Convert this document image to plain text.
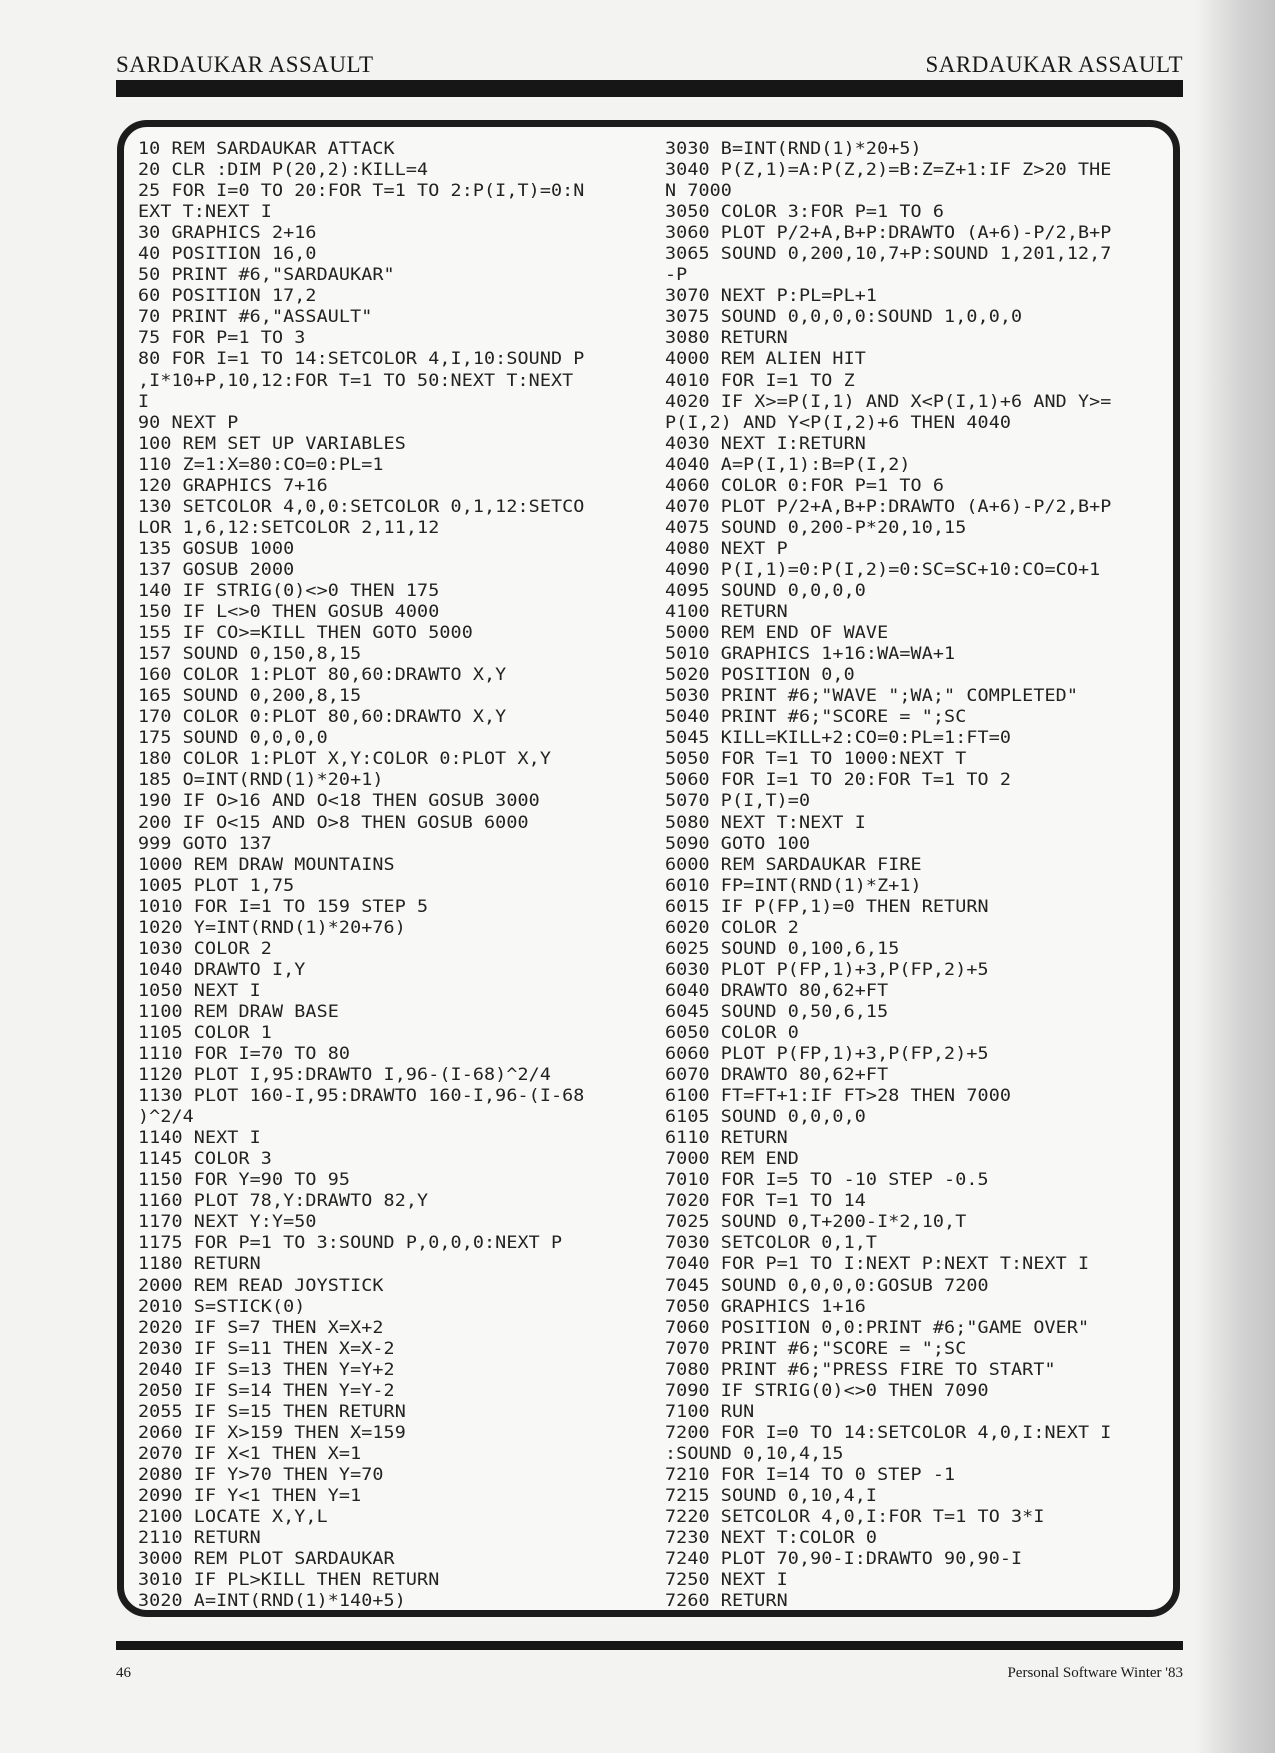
SARDAUKAR ASSAULT	SARDAUKAR ASSAULT
10 REM SARDAUKAR ATTACK
20 CLR :DIM P(20,2):KILL=4
25 FOR I=0 TO 20:FOR T=1 TO 2:P(I,T)=0:N
EXT T:NEXT I
30 GRAPHICS 2+16
40 POSITION 16,0
50 PRINT #6,"SARDAUKAR"
60 POSITION 17,2
70 PRINT #6,"ASSAULT"
75 FOR P=1 TO 3
80 FOR I=1 TO 14:SETCOLOR 4,I,10:SOUND P
,I*10+P,10,12:FOR T=1 TO 50:NEXT T:NEXT
I
90 NEXT P
100 REM SET UP VARIABLES
110 Z=1:X=80:CO=0:PL=1
120 GRAPHICS 7+16
130 SETCOLOR 4,0,0:SETCOLOR 0,1,12:SETCO
LOR 1,6,12:SETCOLOR 2,11,12
135 GOSUB 1000
137 GOSUB 2000
140 IF STRIG(0)<>0 THEN 175
150 IF L<>0 THEN GOSUB 4000
155 IF CO>=KILL THEN GOTO 5000
157 SOUND 0,150,8,15
160 COLOR 1:PLOT 80,60:DRAWTO X,Y
165 SOUND 0,200,8,15
170 COLOR 0:PLOT 80,60:DRAWTO X,Y
175 SOUND 0,0,0,0
180 COLOR 1:PLOT X,Y:COLOR 0:PLOT X,Y
185 O=INT(RND(1)*20+1)
190 IF O>16 AND O<18 THEN GOSUB 3000
200 IF O<15 AND O>8 THEN GOSUB 6000
999 GOTO 137
1000 REM DRAW MOUNTAINS
1005 PLOT 1,75
1010 FOR I=1 TO 159 STEP 5
1020 Y=INT(RND(1)*20+76)
1030 COLOR 2
1040 DRAWTO I,Y
1050 NEXT I
1100 REM DRAW BASE
1105 COLOR 1
1110 FOR I=70 TO 80
1120 PLOT I,95:DRAWTO I,96-(I-68)^2/4
1130 PLOT 160-I,95:DRAWTO 160-I,96-(I-68
)^2/4
1140 NEXT I
1145 COLOR 3
1150 FOR Y=90 TO 95
1160 PLOT 78,Y:DRAWTO 82,Y
1170 NEXT Y:Y=50
1175 FOR P=1 TO 3:SOUND P,0,0,0:NEXT P
1180 RETURN
2000 REM READ JOYSTICK
2010 S=STICK(0)
2020 IF S=7 THEN X=X+2
2030 IF S=11 THEN X=X-2
2040 IF S=13 THEN Y=Y+2
2050 IF S=14 THEN Y=Y-2
2055 IF S=15 THEN RETURN
2060 IF X>159 THEN X=159
2070 IF X<1 THEN X=1
2080 IF Y>70 THEN Y=70
2090 IF Y<1 THEN Y=1
2100 LOCATE X,Y,L
2110 RETURN
3000 REM PLOT SARDAUKAR
3010 IF PL>KILL THEN RETURN
3020 A=INT(RND(1)*140+5)
3030 B=INT(RND(1)*20+5)
3040 P(Z,1)=A:P(Z,2)=B:Z=Z+1:IF Z>20 THE
N 7000
3050 COLOR 3:FOR P=1 TO 6
3060 PLOT P/2+A,B+P:DRAWTO (A+6)-P/2,B+P
3065 SOUND 0,200,10,7+P:SOUND 1,201,12,7
-P
3070 NEXT P:PL=PL+1
3075 SOUND 0,0,0,0:SOUND 1,0,0,0
3080 RETURN
4000 REM ALIEN HIT
4010 FOR I=1 TO Z
4020 IF X>=P(I,1) AND X<P(I,1)+6 AND Y>=
P(I,2) AND Y<P(I,2)+6 THEN 4040
4030 NEXT I:RETURN
4040 A=P(I,1):B=P(I,2)
4060 COLOR 0:FOR P=1 TO 6
4070 PLOT P/2+A,B+P:DRAWTO (A+6)-P/2,B+P
4075 SOUND 0,200-P*20,10,15
4080 NEXT P
4090 P(I,1)=0:P(I,2)=0:SC=SC+10:CO=CO+1
4095 SOUND 0,0,0,0
4100 RETURN
5000 REM END OF WAVE
5010 GRAPHICS 1+16:WA=WA+1
5020 POSITION 0,0
5030 PRINT #6;"WAVE ";WA;" COMPLETED"
5040 PRINT #6;"SCORE = ";SC
5045 KILL=KILL+2:CO=0:PL=1:FT=0
5050 FOR T=1 TO 1000:NEXT T
5060 FOR I=1 TO 20:FOR T=1 TO 2
5070 P(I,T)=0
5080 NEXT T:NEXT I
5090 GOTO 100
6000 REM SARDAUKAR FIRE
6010 FP=INT(RND(1)*Z+1)
6015 IF P(FP,1)=0 THEN RETURN
6020 COLOR 2
6025 SOUND 0,100,6,15
6030 PLOT P(FP,1)+3,P(FP,2)+5
6040 DRAWTO 80,62+FT
6045 SOUND 0,50,6,15
6050 COLOR 0
6060 PLOT P(FP,1)+3,P(FP,2)+5
6070 DRAWTO 80,62+FT
6100 FT=FT+1:IF FT>28 THEN 7000
6105 SOUND 0,0,0,0
6110 RETURN
7000 REM END
7010 FOR I=5 TO -10 STEP -0.5
7020 FOR T=1 TO 14
7025 SOUND 0,T+200-I*2,10,T
7030 SETCOLOR 0,1,T
7040 FOR P=1 TO I:NEXT P:NEXT T:NEXT I
7045 SOUND 0,0,0,0:GOSUB 7200
7050 GRAPHICS 1+16
7060 POSITION 0,0:PRINT #6;"GAME OVER"
7070 PRINT #6;"SCORE = ";SC
7080 PRINT #6;"PRESS FIRE TO START"
7090 IF STRIG(0)<>0 THEN 7090
7100 RUN
7200 FOR I=0 TO 14:SETCOLOR 4,0,I:NEXT I
:SOUND 0,10,4,15
7210 FOR I=14 TO 0 STEP -1
7215 SOUND 0,10,4,I
7220 SETCOLOR 4,0,I:FOR T=1 TO 3*I
7230 NEXT T:COLOR 0
7240 PLOT 70,90-I:DRAWTO 90,90-I
7250 NEXT I
7260 RETURN
46	Personal Software Winter '83
